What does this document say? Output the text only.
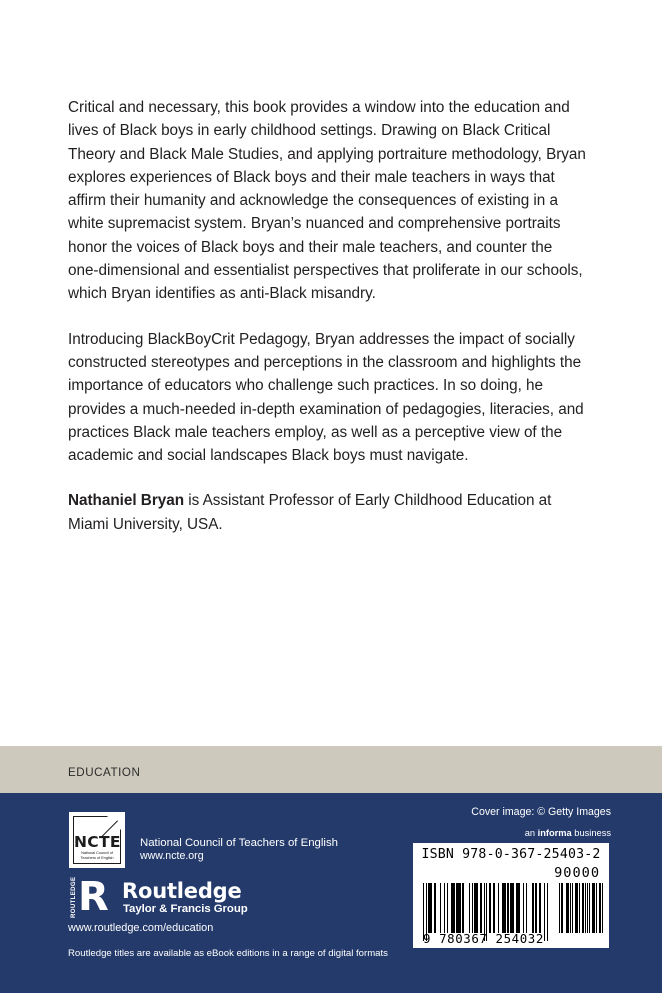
Critical and necessary, this book provides a window into the education and lives of Black boys in early childhood settings. Drawing on Black Critical Theory and Black Male Studies, and applying portraiture methodology, Bryan explores experiences of Black boys and their male teachers in ways that affirm their humanity and acknowledge the consequences of existing in a white supremacist system. Bryan’s nuanced and comprehensive portraits honor the voices of Black boys and their male teachers, and counter the one-dimensional and essentialist perspectives that proliferate in our schools, which Bryan identifies as anti-Black misandry.

Introducing BlackBoyCrit Pedagogy, Bryan addresses the impact of socially constructed stereotypes and perceptions in the classroom and highlights the importance of educators who challenge such practices. In so doing, he provides a much-needed in-depth examination of pedagogies, literacies, and practices Black male teachers employ, as well as a perceptive view of the academic and social landscapes Black boys must navigate.

Nathaniel Bryan is Assistant Professor of Early Childhood Education at Miami University, USA.

EDUCATION
Cover image: © Getty Images
an informa business
NCTE
National Council of
Teachers of English
National Council of Teachers of English
www.ncte.org
ROUTLEDGE R Routledge
Taylor & Francis Group
www.routledge.com/education
Routledge titles are available as eBook editions in a range of digital formats
ISBN 978-0-367-25403-2
90000
9 780367 254032
